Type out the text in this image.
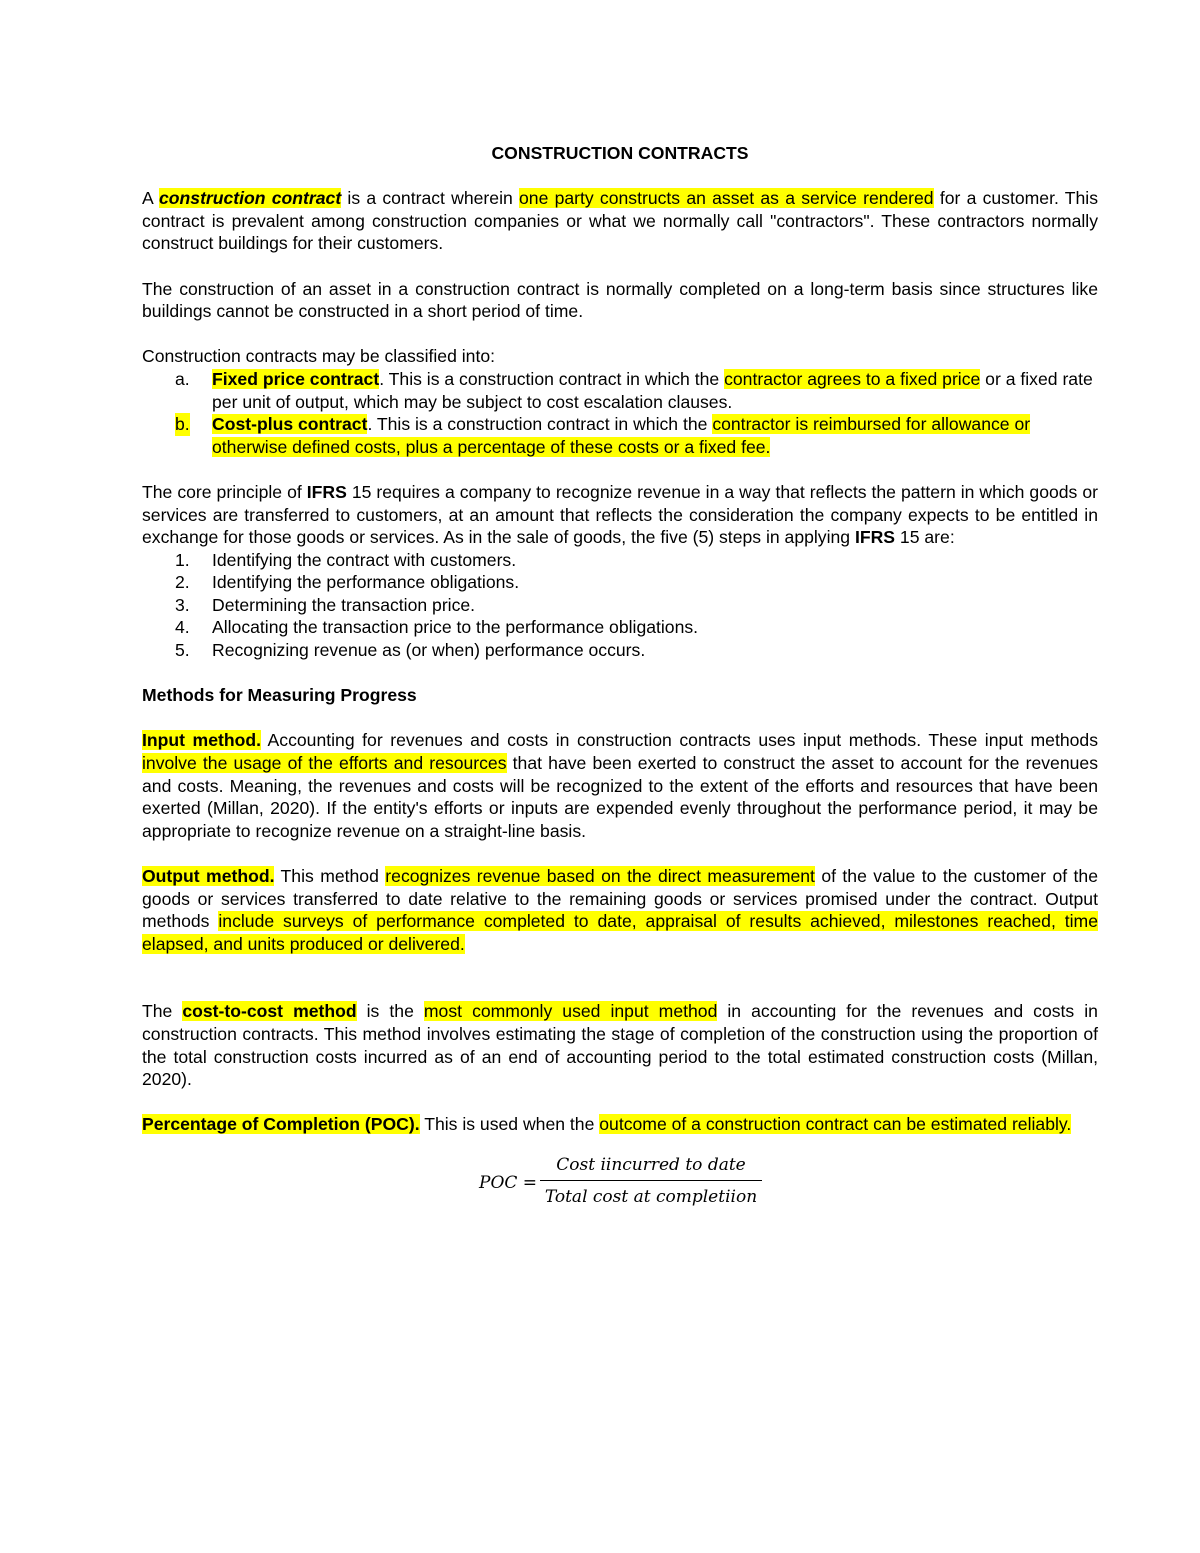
CONSTRUCTION CONTRACTS

A construction contract is a contract wherein one party constructs an asset as a service rendered for a customer. This contract is prevalent among construction companies or what we normally call "contractors". These contractors normally construct buildings for their customers.

The construction of an asset in a construction contract is normally completed on a long-term basis since structures like buildings cannot be constructed in a short period of time.

Construction contracts may be classified into:

a. Fixed price contract. This is a construction contract in which the contractor agrees to a fixed price or a fixed rate per unit of output, which may be subject to cost escalation clauses.
b. Cost-plus contract. This is a construction contract in which the contractor is reimbursed for allowance or otherwise defined costs, plus a percentage of these costs or a fixed fee.

The core principle of IFRS 15 requires a company to recognize revenue in a way that reflects the pattern in which goods or services are transferred to customers, at an amount that reflects the consideration the company expects to be entitled in exchange for those goods or services. As in the sale of goods, the five (5) steps in applying IFRS 15 are:

1. Identifying the contract with customers.
2. Identifying the performance obligations.
3. Determining the transaction price.
4. Allocating the transaction price to the performance obligations.
5. Recognizing revenue as (or when) performance occurs.
Methods for Measuring Progress

Input method. Accounting for revenues and costs in construction contracts uses input methods. These input methods involve the usage of the efforts and resources that have been exerted to construct the asset to account for the revenues and costs. Meaning, the revenues and costs will be recognized to the extent of the efforts and resources that have been exerted (Millan, 2020). If the entity's efforts or inputs are expended evenly throughout the performance period, it may be appropriate to recognize revenue on a straight-line basis.

Output method. This method recognizes revenue based on the direct measurement of the value to the customer of the goods or services transferred to date relative to the remaining goods or services promised under the contract. Output methods include surveys of performance completed to date, appraisal of results achieved, milestones reached, time elapsed, and units produced or delivered.

The cost-to-cost method is the most commonly used input method in accounting for the revenues and costs in construction contracts. This method involves estimating the stage of completion of the construction using the proportion of the total construction costs incurred as of an end of accounting period to the total estimated construction costs (Millan, 2020).

Percentage of Completion (POC). This is used when the outcome of a construction contract can be estimated reliably.

POC =
Cost iincurred to date
Total cost at completiion
